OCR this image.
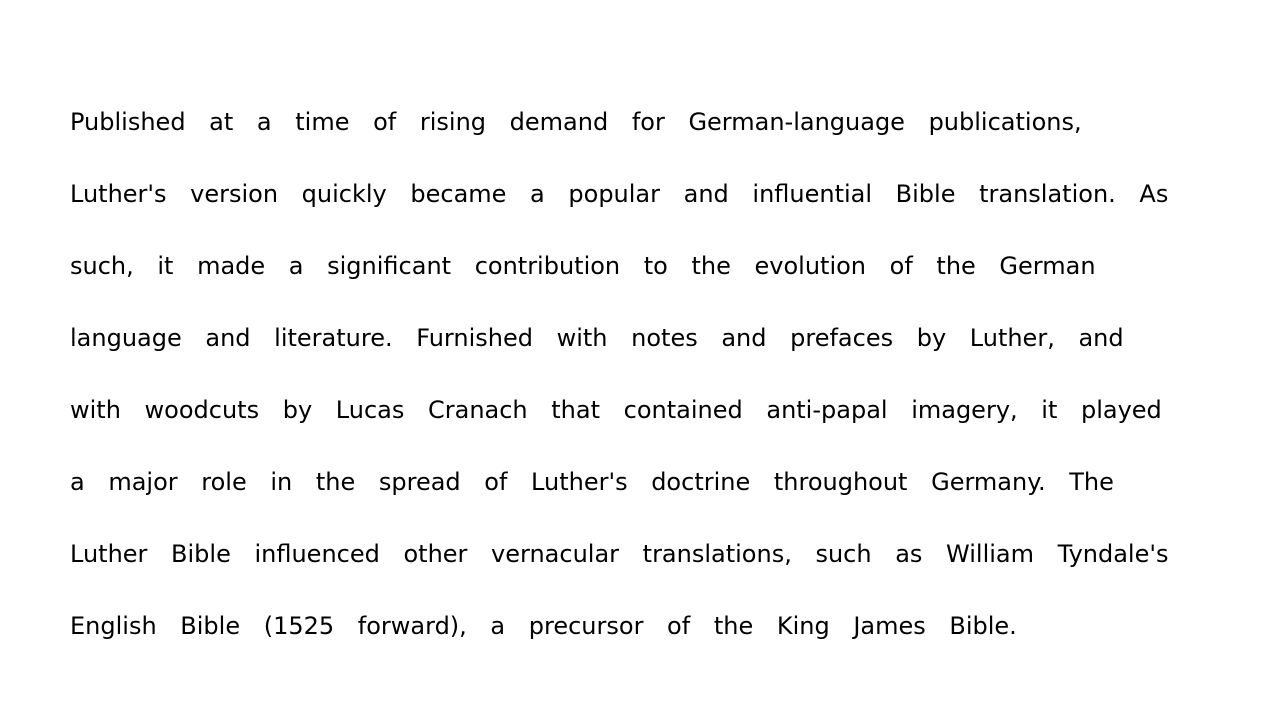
Published at a time of rising demand for German-language publications,
Luther's version quickly became a popular and influential Bible translation. As
such, it made a significant contribution to the evolution of the German
language and literature. Furnished with notes and prefaces by Luther, and
with woodcuts by Lucas Cranach that contained anti-papal imagery, it played
a major role in the spread of Luther's doctrine throughout Germany. The
Luther Bible influenced other vernacular translations, such as William Tyndale's
English Bible (1525 forward), a precursor of the King James Bible.
